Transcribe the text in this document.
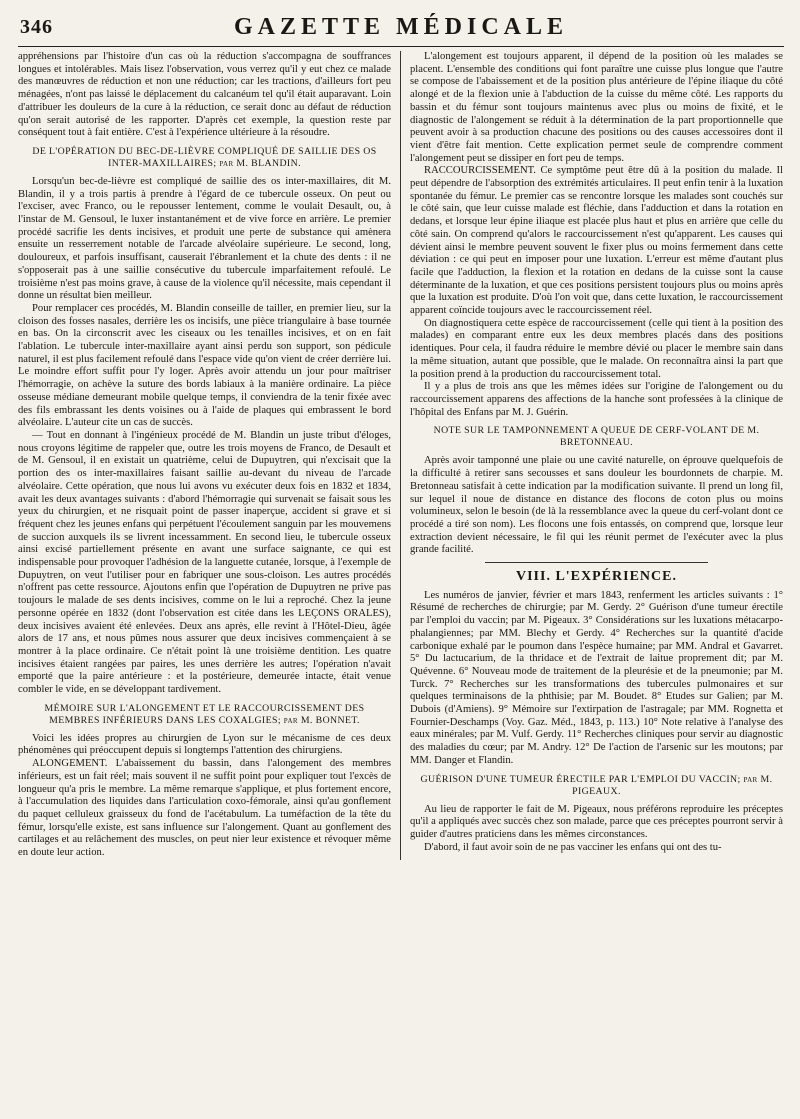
346	GAZETTE MÉDICALE

appréhensions par l'histoire d'un cas où la réduction s'accompagna de souffrances longues et intolérables. Mais lisez l'observation, vous verrez qu'il y eut chez ce malade des manœuvres de réduction et non une réduction; car les tractions, d'ailleurs fort peu ménagées, n'ont pas laissé le déplacement du calcanéum tel qu'il était auparavant. Loin d'attribuer les douleurs de la cure à la réduction, ce serait donc au défaut de réduction qu'on serait autorisé de les rapporter. D'après cet exemple, la question reste par conséquent tout à fait entière. C'est à l'expérience ultérieure à la résoudre.

DE L'OPÉRATION DU BEC-DE-LIÈVRE COMPLIQUÉ DE SAILLIE DES OS INTER-MAXILLAIRES; par M. BLANDIN.

Lorsqu'un bec-de-lièvre est compliqué de saillie des os inter-maxillaires, dit M. Blandin, il y a trois partis à prendre à l'égard de ce tubercule osseux. On peut ou l'exciser, avec Franco, ou le repousser lentement, comme le voulait Desault, ou, à l'instar de M. Gensoul, le luxer instantanément et de vive force en arrière. Le premier procédé sacrifie les dents incisives, et produit une perte de substance qui amènera ensuite un resserrement notable de l'arcade alvéolaire supérieure. Le second, long, douloureux, et parfois insuffisant, causerait l'ébranlement et la chute des dents : il ne s'opposerait pas à une saillie consécutive du tubercule imparfaitement refoulé. Le troisième n'est pas moins grave, à cause de la violence qu'il nécessite, mais cependant il donne un résultat bien meilleur.

Pour remplacer ces procédés, M. Blandin conseille de tailler, en premier lieu, sur la cloison des fosses nasales, derrière les os incisifs, une pièce triangulaire à base tournée en bas. On la circonscrit avec les ciseaux ou les tenailles incisives, et on en fait l'ablation. Le tubercule inter-maxillaire ayant ainsi perdu son support, son pédicule naturel, il est plus facilement refoulé dans l'espace vide qu'on vient de créer derrière lui. Le moindre effort suffit pour l'y loger. Après avoir attendu un jour pour maîtriser l'hémorragie, on achève la suture des bords labiaux à la manière ordinaire. La pièce osseuse médiane demeurant mobile quelque temps, il conviendra de la tenir fixée avec des fils embrassant les dents voisines ou à l'aide de plaques qui embrassent le bord alvéolaire. L'auteur cite un cas de succès.

— Tout en donnant à l'ingénieux procédé de M. Blandin un juste tribut d'éloges, nous croyons légitime de rappeler que, outre les trois moyens de Franco, de Desault et de M. Gensoul, il en existait un quatrième, celui de Dupuytren, qui n'excisait que la portion des os inter-maxillaires faisant saillie au-devant du niveau de l'arcade alvéolaire. Cette opération, que nous lui avons vu exécuter deux fois en 1832 et 1834, avait les deux avantages suivants : d'abord l'hémorragie qui survenait se faisait sous les yeux du chirurgien, et ne risquait point de passer inaperçue, accident si grave et si fréquent chez les jeunes enfans qui perpétuent l'écoulement sanguin par les mouvemens de succion auxquels ils se livrent incessamment. En second lieu, le tubercule osseux ainsi excisé partiellement présente en avant une surface saignante, ce qui est indispensable pour provoquer l'adhésion de la languette cutanée, lorsque, à l'exemple de Dupuytren, on veut l'utiliser pour en fabriquer une sous-cloison. Les autres procédés n'offrent pas cette ressource. Ajoutons enfin que l'opération de Dupuytren ne prive pas toujours le malade de ses dents incisives, comme on le lui a reproché. Chez la jeune personne opérée en 1832 (dont l'observation est citée dans les LEÇONS ORALES), deux incisives avaient été enlevées. Deux ans après, elle revint à l'Hôtel-Dieu, âgée alors de 17 ans, et nous pûmes nous assurer que deux incisives commençaient à se montrer à la place ordinaire. Ce n'était point là une troisième dentition. Les quatre incisives étaient rangées par paires, les unes derrière les autres; l'opération n'avait emporté que la paire antérieure : et la postérieure, demeurée intacte, était venue combler le vide, en se développant tardivement.

MÉMOIRE SUR L'ALONGEMENT ET LE RACCOURCISSEMENT DES MEMBRES INFÉRIEURS DANS LES COXALGIES; par M. BONNET.

Voici les idées propres au chirurgien de Lyon sur le mécanisme de ces deux phénomènes qui préoccupent depuis si longtemps l'attention des chirurgiens.

ALONGEMENT. L'abaissement du bassin, dans l'alongement des membres inférieurs, est un fait réel; mais souvent il ne suffit point pour expliquer tout l'excès de longueur qu'a pris le membre. La même remarque s'applique, et plus fortement encore, à l'accumulation des liquides dans l'articulation coxo-fémorale, ainsi qu'au gonflement du paquet celluleux graisseux du fond de l'acétabulum. La tuméfaction de la tête du fémur, lorsqu'elle existe, est sans influence sur l'alongement. Quant au gonflement des cartilages et au relâchement des muscles, on peut nier leur existence et révoquer même en doute leur action.

L'alongement est toujours apparent, il dépend de la position où les malades se placent. L'ensemble des conditions qui font paraître une cuisse plus longue que l'autre se compose de l'abaissement et de la position plus antérieure de l'épine iliaque du côté alongé et de la flexion unie à l'abduction de la cuisse du même côté. Les rapports du bassin et du fémur sont toujours maintenus avec plus ou moins de fixité, et le diagnostic de l'alongement se réduit à la détermination de la part proportionnelle que peuvent avoir à sa production chacune des positions ou des causes accessoires dont il vient d'être fait mention. Cette explication permet seule de comprendre comment l'alongement peut se dissiper en fort peu de temps.

RACCOURCISSEMENT. Ce symptôme peut être dû à la position du malade. Il peut dépendre de l'absorption des extrémités articulaires. Il peut enfin tenir à la luxation spontanée du fémur. Le premier cas se rencontre lorsque les malades sont couchés sur le côté sain, que leur cuisse malade est fléchie, dans l'adduction et dans la rotation en dedans, et lorsque leur épine iliaque est placée plus haut et plus en arrière que celle du côté sain. On comprend qu'alors le raccourcissement n'est qu'apparent. Les causes qui dévient ainsi le membre peuvent souvent le fixer plus ou moins fermement dans cette déviation : ce qui peut en imposer pour une luxation. L'erreur est même d'autant plus facile que l'adduction, la flexion et la rotation en dedans de la cuisse sont la cause déterminante de la luxation, et que ces positions persistent toujours plus ou moins après que la luxation est produite. D'où l'on voit que, dans cette luxation, le raccourcissement apparent coïncide toujours avec le raccourcissement réel.

On diagnostiquera cette espèce de raccourcissement (celle qui tient à la position des malades) en comparant entre eux les deux membres placés dans des positions identiques. Pour cela, il faudra réduire le membre dévié ou placer le membre sain dans la même situation, autant que possible, que le malade. On reconnaîtra ainsi la part que la position prend à la production du raccourcissement total.

Il y a plus de trois ans que les mêmes idées sur l'origine de l'alongement ou du raccourcissement apparens des affections de la hanche sont professées à la clinique de l'hôpital des Enfans par M. J. Guérin.

NOTE SUR LE TAMPONNEMENT A QUEUE DE CERF-VOLANT DE M. BRETONNEAU.

Après avoir tamponné une plaie ou une cavité naturelle, on éprouve quelquefois de la difficulté à retirer sans secousses et sans douleur les bourdonnets de charpie. M. Bretonneau satisfait à cette indication par la modification suivante. Il prend un long fil, sur lequel il noue de distance en distance des flocons de coton plus ou moins volumineux, selon le besoin (de là la ressemblance avec la queue du cerf-volant dont ce procédé a tiré son nom). Les flocons une fois entassés, on comprend que, lorsque leur extraction devient nécessaire, le fil qui les réunit permet de l'exécuter avec la plus grande facilité.

VIII. L'EXPÉRIENCE.

Les numéros de janvier, février et mars 1843, renferment les articles suivants : 1° Résumé de recherches de chirurgie; par M. Gerdy. 2° Guérison d'une tumeur érectile par l'emploi du vaccin; par M. Pigeaux. 3° Considérations sur les luxations métacarpo-phalangiennes; par MM. Blechy et Gerdy. 4° Recherches sur la quantité d'acide carbonique exhalé par le poumon dans l'espèce humaine; par MM. Andral et Gavarret. 5° Du lactucarium, de la thridace et de l'extrait de laitue proprement dit; par M. Quévenne. 6° Nouveau mode de traitement de la pleurésie et de la pneumonie; par M. Turck. 7° Recherches sur les transformations des tubercules pulmonaires et sur quelques terminaisons de la phthisie; par M. Boudet. 8° Etudes sur Galien; par M. Dubois (d'Amiens). 9° Mémoire sur l'extirpation de l'astragale; par MM. Rognetta et Fournier-Deschamps (Voy. Gaz. Méd., 1843, p. 113.) 10° Note relative à l'analyse des eaux minérales; par M. Vulf. Gerdy. 11° Recherches cliniques pour servir au diagnostic des maladies du cœur; par M. Andry. 12° De l'action de l'arsenic sur les moutons; par MM. Danger et Flandin.

GUÉRISON D'UNE TUMEUR ÉRECTILE PAR L'EMPLOI DU VACCIN; par M. PIGEAUX.

Au lieu de rapporter le fait de M. Pigeaux, nous préférons reproduire les préceptes qu'il a appliqués avec succès chez son malade, parce que ces préceptes pourront servir à guider d'autres praticiens dans les mêmes circonstances.

D'abord, il faut avoir soin de ne pas vacciner les enfans qui ont des tu-
